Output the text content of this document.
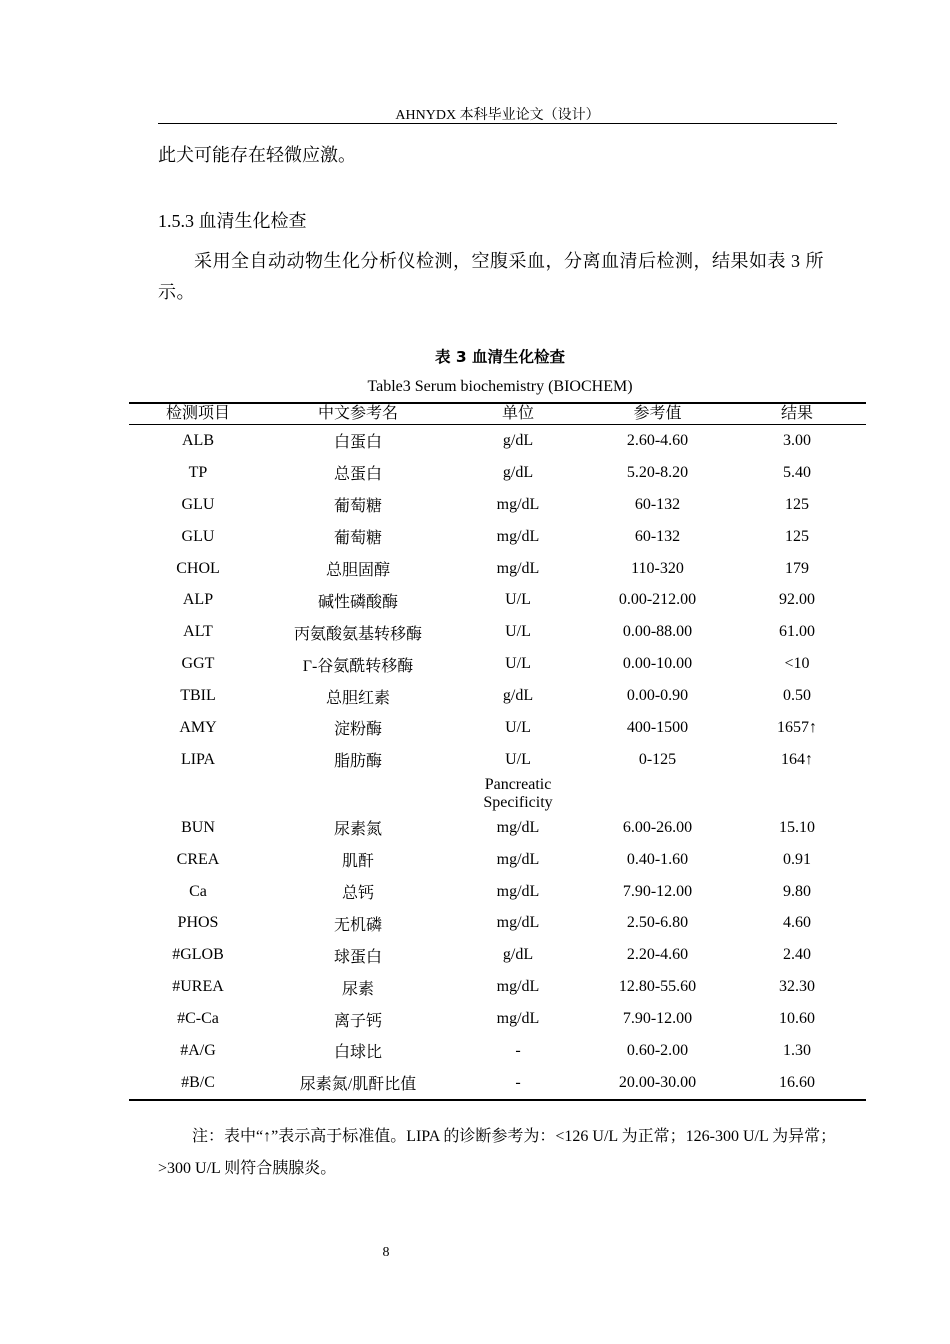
AHNYDX 本科毕业论文（设计）
此犬可能存在轻微应激。
1.5.3 血清生化检查
采用全自动动物生化分析仪检测，空腹采血，分离血清后检测，结果如表 3 所示。
表 3 血清生化检查
Table3 Serum biochemistry (BIOCHEM)
检测项目	中文参考名	单位	参考值	结果
ALB	白蛋白	g/dL	2.60-4.60	3.00
TP	总蛋白	g/dL	5.20-8.20	5.40
GLU	葡萄糖	mg/dL	60-132	125
GLU	葡萄糖	mg/dL	60-132	125
CHOL	总胆固醇	mg/dL	110-320	179
ALP	碱性磷酸酶	U/L	0.00-212.00	92.00
ALT	丙氨酸氨基转移酶	U/L	0.00-88.00	61.00
GGT	Γ-谷氨酰转移酶	U/L	0.00-10.00	<10
TBIL	总胆红素	g/dL	0.00-0.90	0.50
AMY	淀粉酶	U/L	400-1500	1657↑
LIPA	脂肪酶	U/L	0-125	164↑
		Pancreatic Specificity		
BUN	尿素氮	mg/dL	6.00-26.00	15.10
CREA	肌酐	mg/dL	0.40-1.60	0.91
Ca	总钙	mg/dL	7.90-12.00	9.80
PHOS	无机磷	mg/dL	2.50-6.80	4.60
#GLOB	球蛋白	g/dL	2.20-4.60	2.40
#UREA	尿素	mg/dL	12.80-55.60	32.30
#C-Ca	离子钙	mg/dL	7.90-12.00	10.60
#A/G	白球比	-	0.60-2.00	1.30
#B/C	尿素氮/肌酐比值	-	20.00-30.00	16.60
注：表中“↑”表示高于标准值。LIPA 的诊断参考为：<126 U/L 为正常；126-300 U/L 为异常；>300 U/L 则符合胰腺炎。
8
